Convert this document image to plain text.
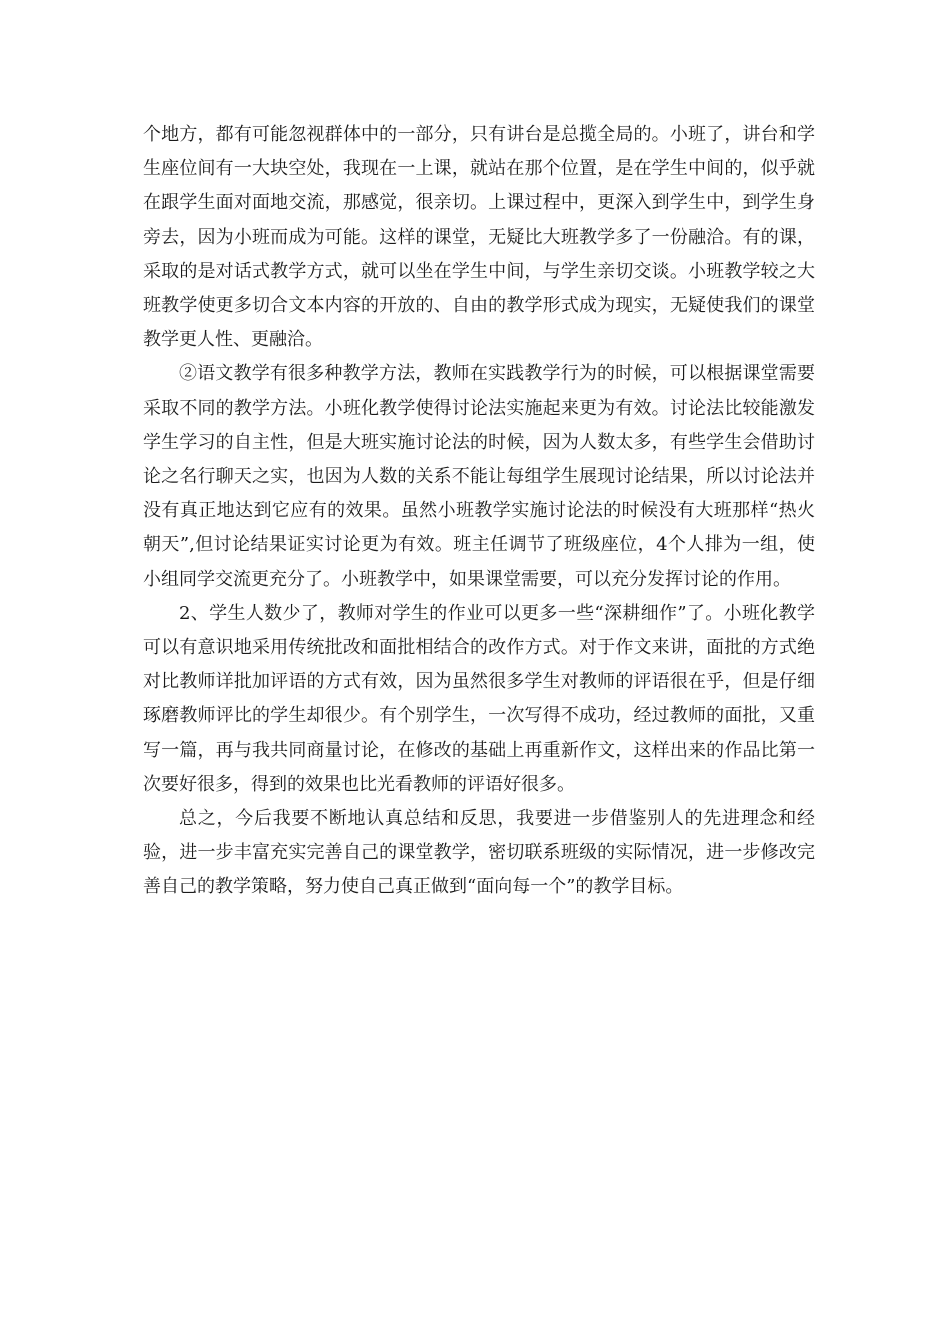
个地方，都有可能忽视群体中的一部分，只有讲台是总揽全局的。小班了，讲台和学生座位间有一大块空处，我现在一上课，就站在那个位置，是在学生中间的，似乎就在跟学生面对面地交流，那感觉，很亲切。上课过程中，更深入到学生中，到学生身旁去，因为小班而成为可能。这样的课堂，无疑比大班教学多了一份融洽。有的课，采取的是对话式教学方式，就可以坐在学生中间，与学生亲切交谈。小班教学较之大班教学使更多切合文本内容的开放的、自由的教学形式成为现实，无疑使我们的课堂教学更人性、更融洽。

②语文教学有很多种教学方法，教师在实践教学行为的时候，可以根据课堂需要采取不同的教学方法。小班化教学使得讨论法实施起来更为有效。讨论法比较能激发学生学习的自主性，但是大班实施讨论法的时候，因为人数太多，有些学生会借助讨论之名行聊天之实，也因为人数的关系不能让每组学生展现讨论结果，所以讨论法并没有真正地达到它应有的效果。虽然小班教学实施讨论法的时候没有大班那样“热火朝天”,但讨论结果证实讨论更为有效。班主任调节了班级座位，4个人排为一组，使小组同学交流更充分了。小班教学中，如果课堂需要，可以充分发挥讨论的作用。

2、学生人数少了，教师对学生的作业可以更多一些“深耕细作”了。小班化教学可以有意识地采用传统批改和面批相结合的改作方式。对于作文来讲，面批的方式绝对比教师详批加评语的方式有效，因为虽然很多学生对教师的评语很在乎，但是仔细琢磨教师评比的学生却很少。有个别学生，一次写得不成功，经过教师的面批，又重写一篇，再与我共同商量讨论，在修改的基础上再重新作文，这样出来的作品比第一次要好很多，得到的效果也比光看教师的评语好很多。

总之，今后我要不断地认真总结和反思，我要进一步借鉴别人的先进理念和经验，进一步丰富充实完善自己的课堂教学，密切联系班级的实际情况，进一步修改完善自己的教学策略，努力使自己真正做到“面向每一个”的教学目标。
